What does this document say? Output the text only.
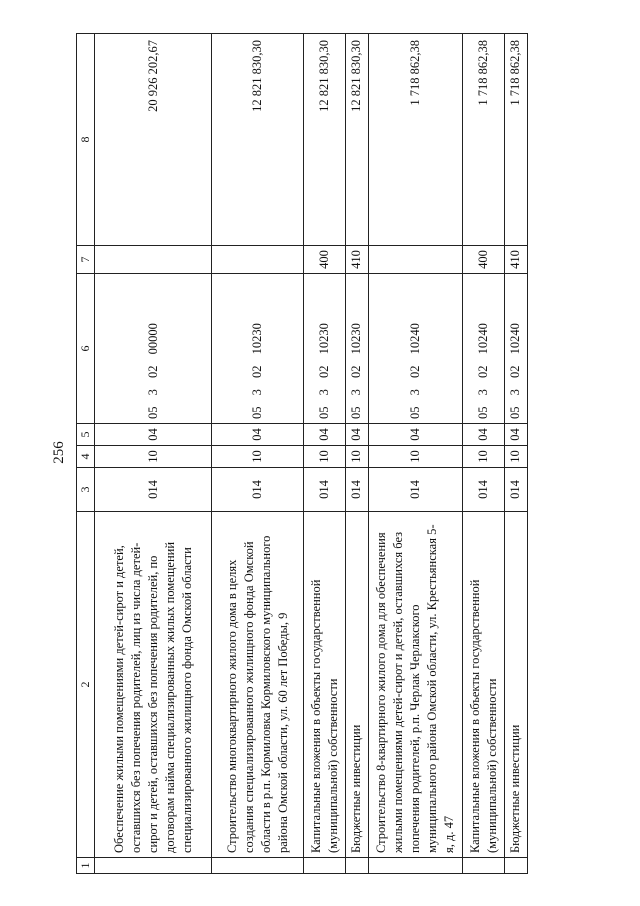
256
1	2	3	4	5	6	7	8
	Обеспечение жилыми помещениями детей-сирот и детей, оставшихся без попечения родителей, лиц из числа детей-сирот и детей, оставшихся без попечения родителей, по договорам найма специализированных жилых помещений специализированного жилищного фонда Омской области	014	10	04	05 3 02 00000		20 926 202,67
	Строительство многоквартирного жилого дома в целях создания специализированного жилищного фонда Омской области в р.п. Кормиловка Кормиловского муниципального района Омской области, ул. 60 лет Победы, 9	014	10	04	05 3 02 10230		12 821 830,30
	Капитальные вложения в объекты государственной (муниципальной) собственности	014	10	04	05 3 02 10230	400	12 821 830,30
	Бюджетные инвестиции	014	10	04	05 3 02 10230	410	12 821 830,30
	Строительство 8-квартирного жилого дома для обеспечения жилыми помещениями детей-сирот и детей, оставшихся без попечения родителей, р.п. Черлак Черлакского муниципального района Омской области, ул. Крестьянская 5-я, д. 47	014	10	04	05 3 02 10240		1 718 862,38
	Капитальные вложения в объекты государственной (муниципальной) собственности	014	10	04	05 3 02 10240	400	1 718 862,38
	Бюджетные инвестиции	014	10	04	05 3 02 10240	410	1 718 862,38
